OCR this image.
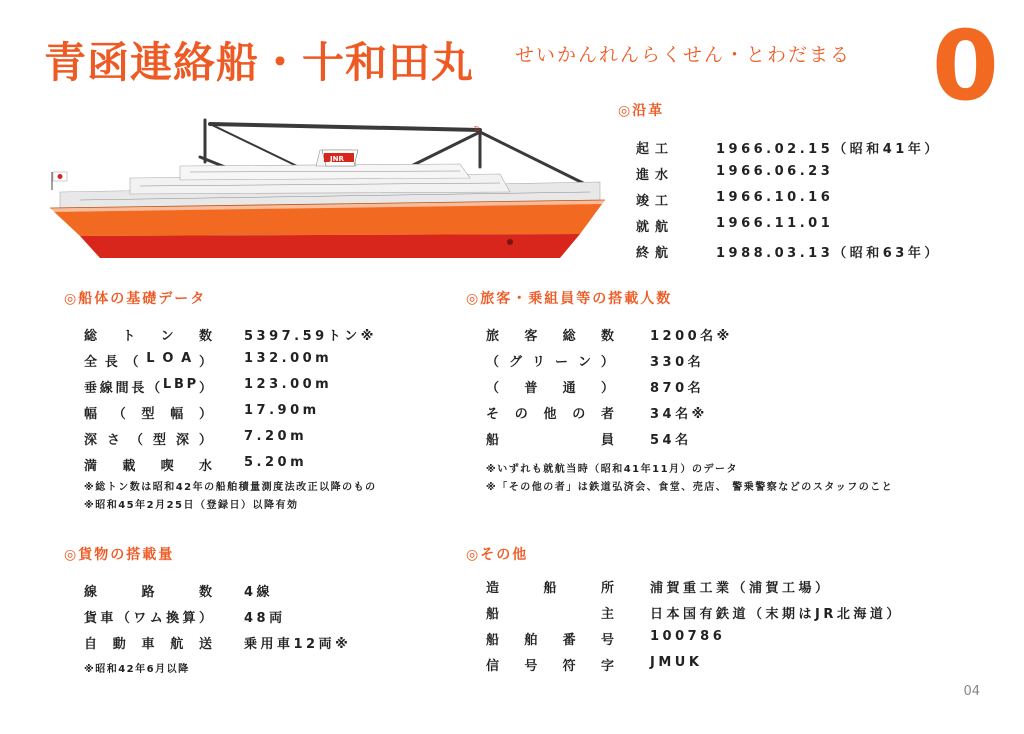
青函連絡船・十和田丸 せいかんれんらくせん・とわだまる 0
Ts
JNR
◎沿革
起 工	1966.02.15（昭和41年）
進 水	1966.06.23
竣 工	1966.10.16
就 航	1966.11.01
終 航	1988.03.13（昭和63年）
◎船体の基礎データ
総 ト ン 数 5397.59トン※
全 長 （ L O A ） 132.00m
垂 線 間 長 （ L B P ） 123.00m
幅 （ 型 幅 ） 17.90m
深 さ （ 型 深 ） 7.20m
満 載 喫 水 5.20m
※総トン数は昭和42年の船舶積量測度法改正以降のもの
※昭和45年2月25日（登録日）以降有効
◎旅客・乗組員等の搭載人数
旅 客 総 数	1200名※
（ グ リ ー ン ）	330名
（ 普 通 ）	870名
そ の 他 の 者	34名※
船	員	54名
※いずれも就航当時（昭和41年11月）のデータ
※「その他の者」は鉄道弘済会、食堂、売店、 警乗警察などのスタッフのこと
◎貨物の搭載量
線	路	数 4線
貨 車 （ ワ ム 換 算 ） 48両
自 動 車 航 送 乗用車12両※
※昭和42年6月以降
◎その他
造	船	所	浦賀重工業（浦賀工場）
船	主	日本国有鉄道（末期はJR北海道）
船 舶 番 号	100786
信 号 符 字	JMUK
04
